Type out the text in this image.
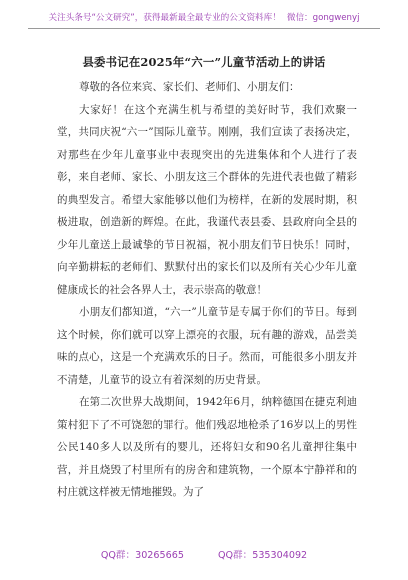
关注头条号“公文研究”，获得最新最全最专业的公文资料库！ 微信：gongwenyj
县委书记在2025年“六一”儿童节活动上的讲话

尊敬的各位来宾、家长们、老师们、小朋友们：

大家好！在这个充满生机与希望的美好时节，我们欢聚一堂，共同庆祝“六一”国际儿童节。刚刚，我们宣读了表扬决定，对那些在少年儿童事业中表现突出的先进集体和个人进行了表彰，来自老师、家长、小朋友这三个群体的先进代表也做了精彩的典型发言。希望大家能够以他们为榜样，在新的发展时期，积极进取，创造新的辉煌。在此，我谨代表县委、县政府向全县的少年儿童送上最诚挚的节日祝福，祝小朋友们节日快乐！同时，向辛勤耕耘的老师们、默默付出的家长们以及所有关心少年儿童健康成长的社会各界人士，表示崇高的敬意！

小朋友们都知道，“六一”儿童节是专属于你们的节日。每到这个时候，你们就可以穿上漂亮的衣服，玩有趣的游戏，品尝美味的点心，这是一个充满欢乐的日子。然而，可能很多小朋友并不清楚，儿童节的设立有着深刻的历史背景。

在第二次世界大战期间，1942年6月，纳粹德国在捷克利迪策村犯下了不可饶恕的罪行。他们残忍地枪杀了16岁以上的男性公民140多人以及所有的婴儿，还将妇女和90名儿童押往集中营，并且烧毁了村里所有的房舍和建筑物，一个原本宁静祥和的村庄就这样被无情地摧毁。为了

QQ群：30265665	QQ群：535304092
